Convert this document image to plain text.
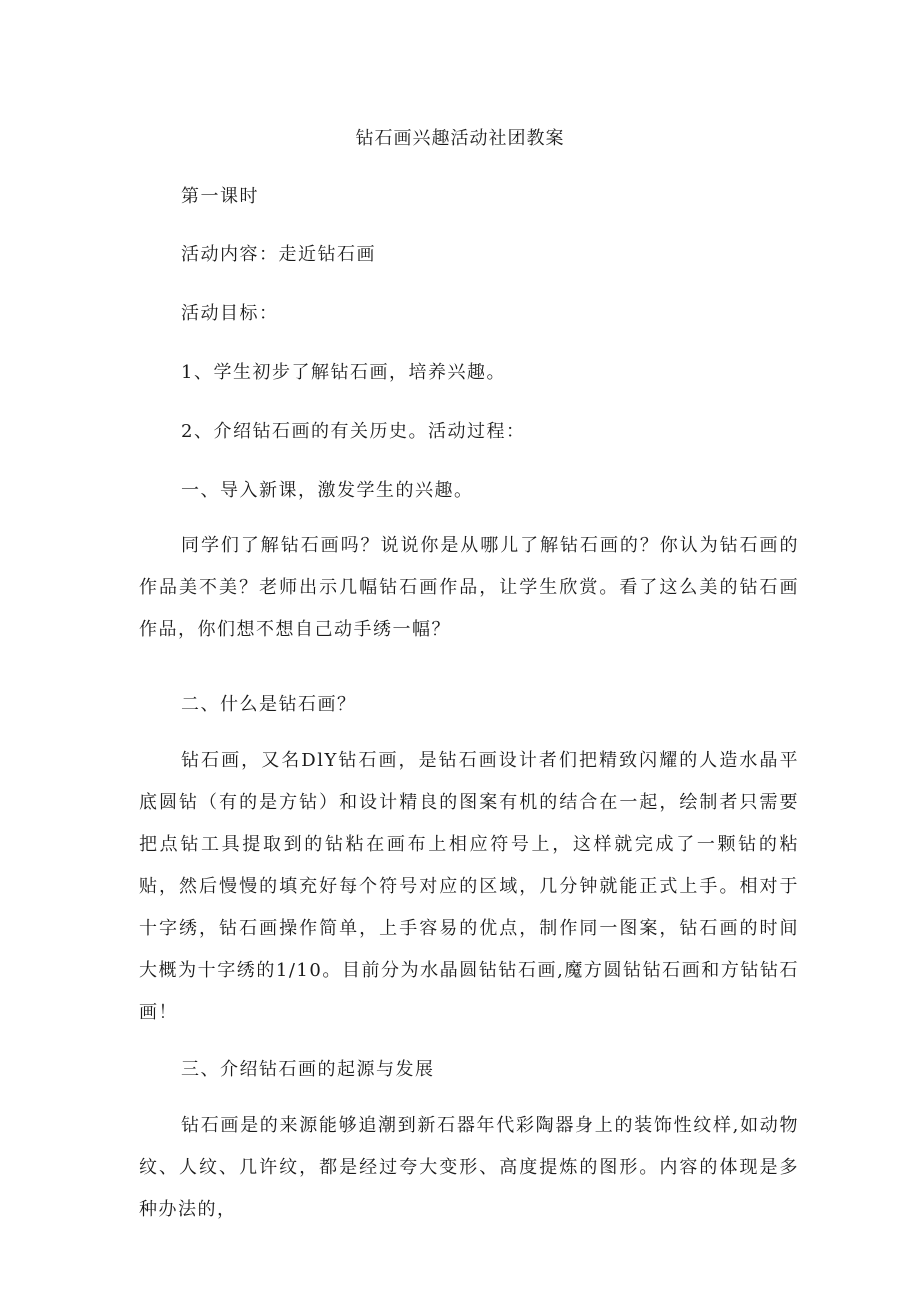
钻石画兴趣活动社团教案
第一课时
活动内容：走近钻石画
活动目标：
1、学生初步了解钻石画，培养兴趣。
2、介绍钻石画的有关历史。活动过程：
一、导入新课，激发学生的兴趣。
同学们了解钻石画吗？说说你是从哪儿了解钻石画的？你认为钻石画的作品美不美？老师出示几幅钻石画作品，让学生欣赏。看了这么美的钻石画作品，你们想不想自己动手绣一幅？
二、什么是钻石画？
钻石画，又名DlY钻石画，是钻石画设计者们把精致闪耀的人造水晶平底圆钻（有的是方钻）和设计精良的图案有机的结合在一起，绘制者只需要把点钻工具提取到的钻粘在画布上相应符号上，这样就完成了一颗钻的粘贴，然后慢慢的填充好每个符号对应的区域，几分钟就能正式上手。相对于十字绣，钻石画操作简单，上手容易的优点，制作同一图案，钻石画的时间大概为十字绣的1/10。目前分为水晶圆钻钻石画,魔方圆钻钻石画和方钻钻石画！
三、介绍钻石画的起源与发展
钻石画是的来源能够追潮到新石器年代彩陶器身上的装饰性纹样,如动物纹、人纹、几许纹，都是经过夸大变形、高度提炼的图形。内容的体现是多种办法的，
